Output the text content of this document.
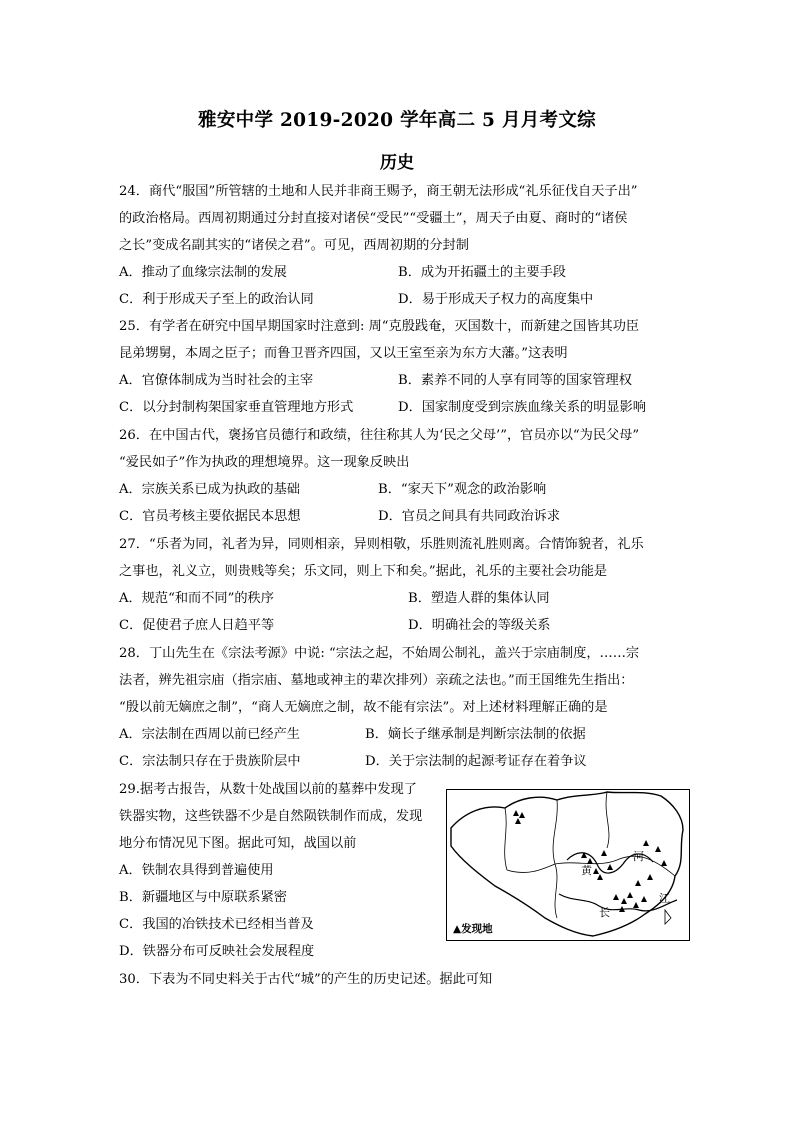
雅安中学 2019-2020 学年高二 5 月月考文综
历史
24．商代“服国”所管辖的土地和人民并非商王赐予，商王朝无法形成“礼乐征伐自天子出”
的政治格局。西周初期通过分封直接对诸侯“受民”“受疆土”，周天子由夏、商时的“诸侯
之长”变成名副其实的“诸侯之君”。可见，西周初期的分封制
A．推动了血缘宗法制的发展	B．成为开拓疆土的主要手段
C．利于形成天子至上的政治认同	D．易于形成天子权力的高度集中
25．有学者在研究中国早期国家时注意到: 周“克殷践奄，灭国数十，而新建之国皆其功臣
昆弟甥舅，本周之臣子；而鲁卫晋齐四国，又以王室至亲为东方大藩。”这表明
A．官僚体制成为当时社会的主宰	B．素养不同的人享有同等的国家管理权
C．以分封制构架国家垂直管理地方形式	D．国家制度受到宗族血缘关系的明显影响
26．在中国古代，褒扬官员德行和政绩，往往称其人为‘民之父母’”，官员亦以“为民父母”
“爱民如子”作为执政的理想境界。这一现象反映出
A．宗族关系已成为执政的基础	B．“家天下”观念的政治影响
C．官员考核主要依据民本思想	D．官员之间具有共同政治诉求
27．“乐者为同，礼者为异，同则相亲，异则相敬，乐胜则流礼胜则离。合情饰貌者，礼乐
之事也，礼义立，则贵贱等矣；乐文同，则上下和矣。”据此，礼乐的主要社会功能是
A．规范“和而不同”的秩序	B．塑造人群的集体认同
C．促使君子庶人日趋平等	D．明确社会的等级关系
28．丁山先生在《宗法考源》中说: “宗法之起，不始周公制礼，盖兴于宗庙制度，……宗
法者，辨先祖宗庙（指宗庙、墓地或神主的辈次排列）亲疏之法也。”而王国维先生指出：
“殷以前无嫡庶之制”，“商人无嫡庶之制，故不能有宗法”。对上述材料理解正确的是
A．宗法制在西周以前已经产生	B．嫡长子继承制是判断宗法制的依据
C．宗法制只存在于贵族阶层中	D．关于宗法制的起源考证存在着争议
29.据考古报告，从数十处战国以前的墓葬中发现了
铁器实物，这些铁器不少是自然陨铁制作而成，发现
地分布情况见下图。据此可知，战国以前
A．铁制农具得到普遍使用
B．新疆地区与中原联系紧密
C．我国的冶铁技术已经相当普及
D．铁器分布可反映社会发展程度
黄
河
长
江
▲发现地
30．下表为不同史料关于古代“城”的产生的历史记述。据此可知
